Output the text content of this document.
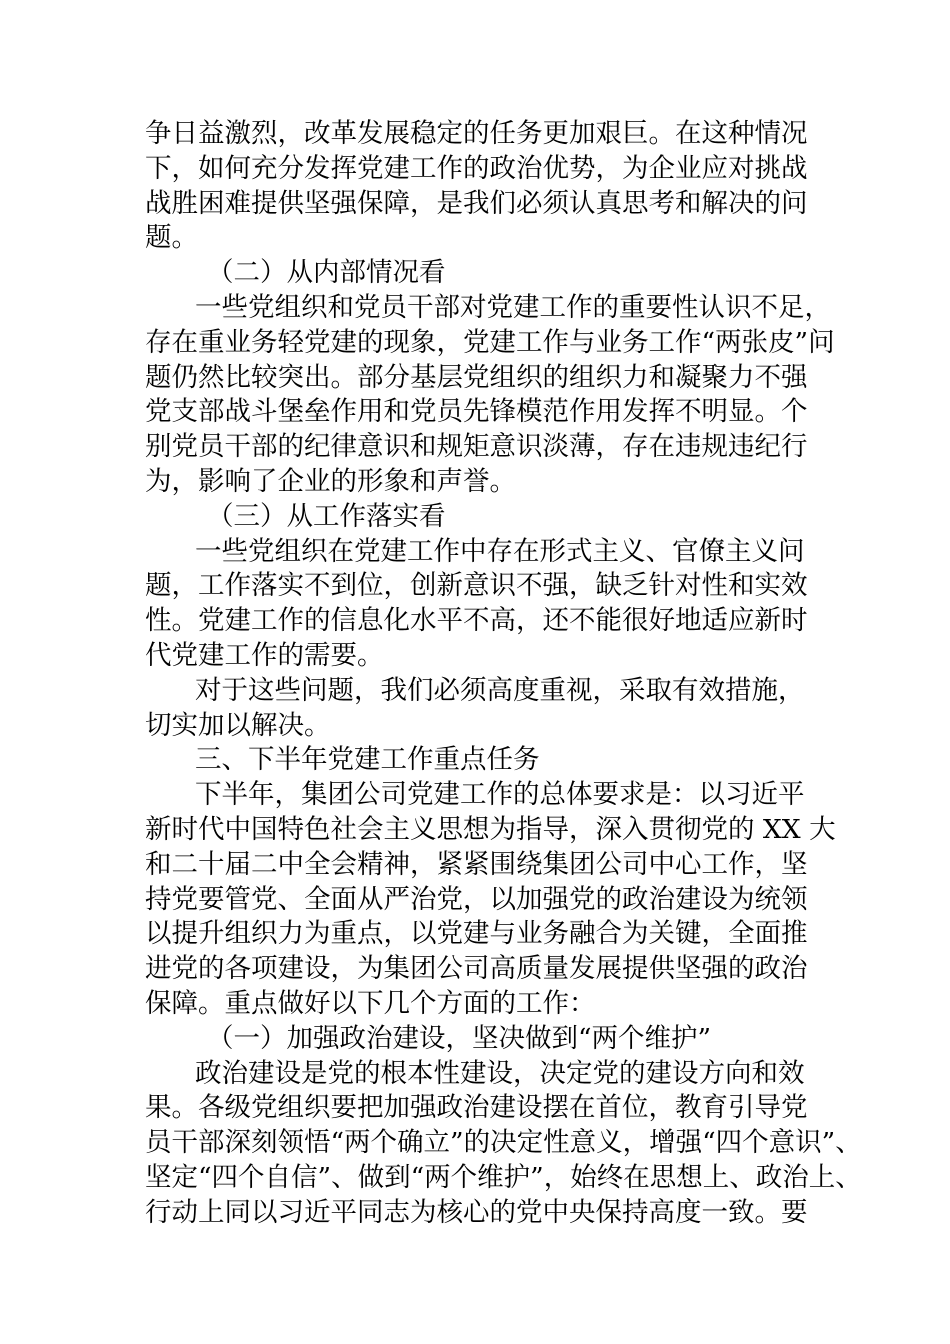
争日益激烈，改革发展稳定的任务更加艰巨。在这种情况
下，如何充分发挥党建工作的政治优势，为企业应对挑战
战胜困难提供坚强保障，是我们必须认真思考和解决的问
题。
（二）从内部情况看
一些党组织和党员干部对党建工作的重要性认识不足，
存在重业务轻党建的现象，党建工作与业务工作“两张皮”问
题仍然比较突出。部分基层党组织的组织力和凝聚力不强
党支部战斗堡垒作用和党员先锋模范作用发挥不明显。个
别党员干部的纪律意识和规矩意识淡薄，存在违规违纪行
为，影响了企业的形象和声誉。
（三）从工作落实看
一些党组织在党建工作中存在形式主义、官僚主义问
题，工作落实不到位，创新意识不强，缺乏针对性和实效
性。党建工作的信息化水平不高，还不能很好地适应新时
代党建工作的需要。
对于这些问题，我们必须高度重视，采取有效措施，
切实加以解决。
三、下半年党建工作重点任务
下半年，集团公司党建工作的总体要求是：以习近平
新时代中国特色社会主义思想为指导，深入贯彻党的 XX 大
和二十届二中全会精神，紧紧围绕集团公司中心工作，坚
持党要管党、全面从严治党，以加强党的政治建设为统领
以提升组织力为重点，以党建与业务融合为关键，全面推
进党的各项建设，为集团公司高质量发展提供坚强的政治
保障。重点做好以下几个方面的工作：
（一）加强政治建设，坚决做到“两个维护”
政治建设是党的根本性建设，决定党的建设方向和效
果。各级党组织要把加强政治建设摆在首位，教育引导党
员干部深刻领悟“两个确立”的决定性意义，增强“四个意识”、
坚定“四个自信”、做到“两个维护”，始终在思想上、政治上、
行动上同以习近平同志为核心的党中央保持高度一致。要
